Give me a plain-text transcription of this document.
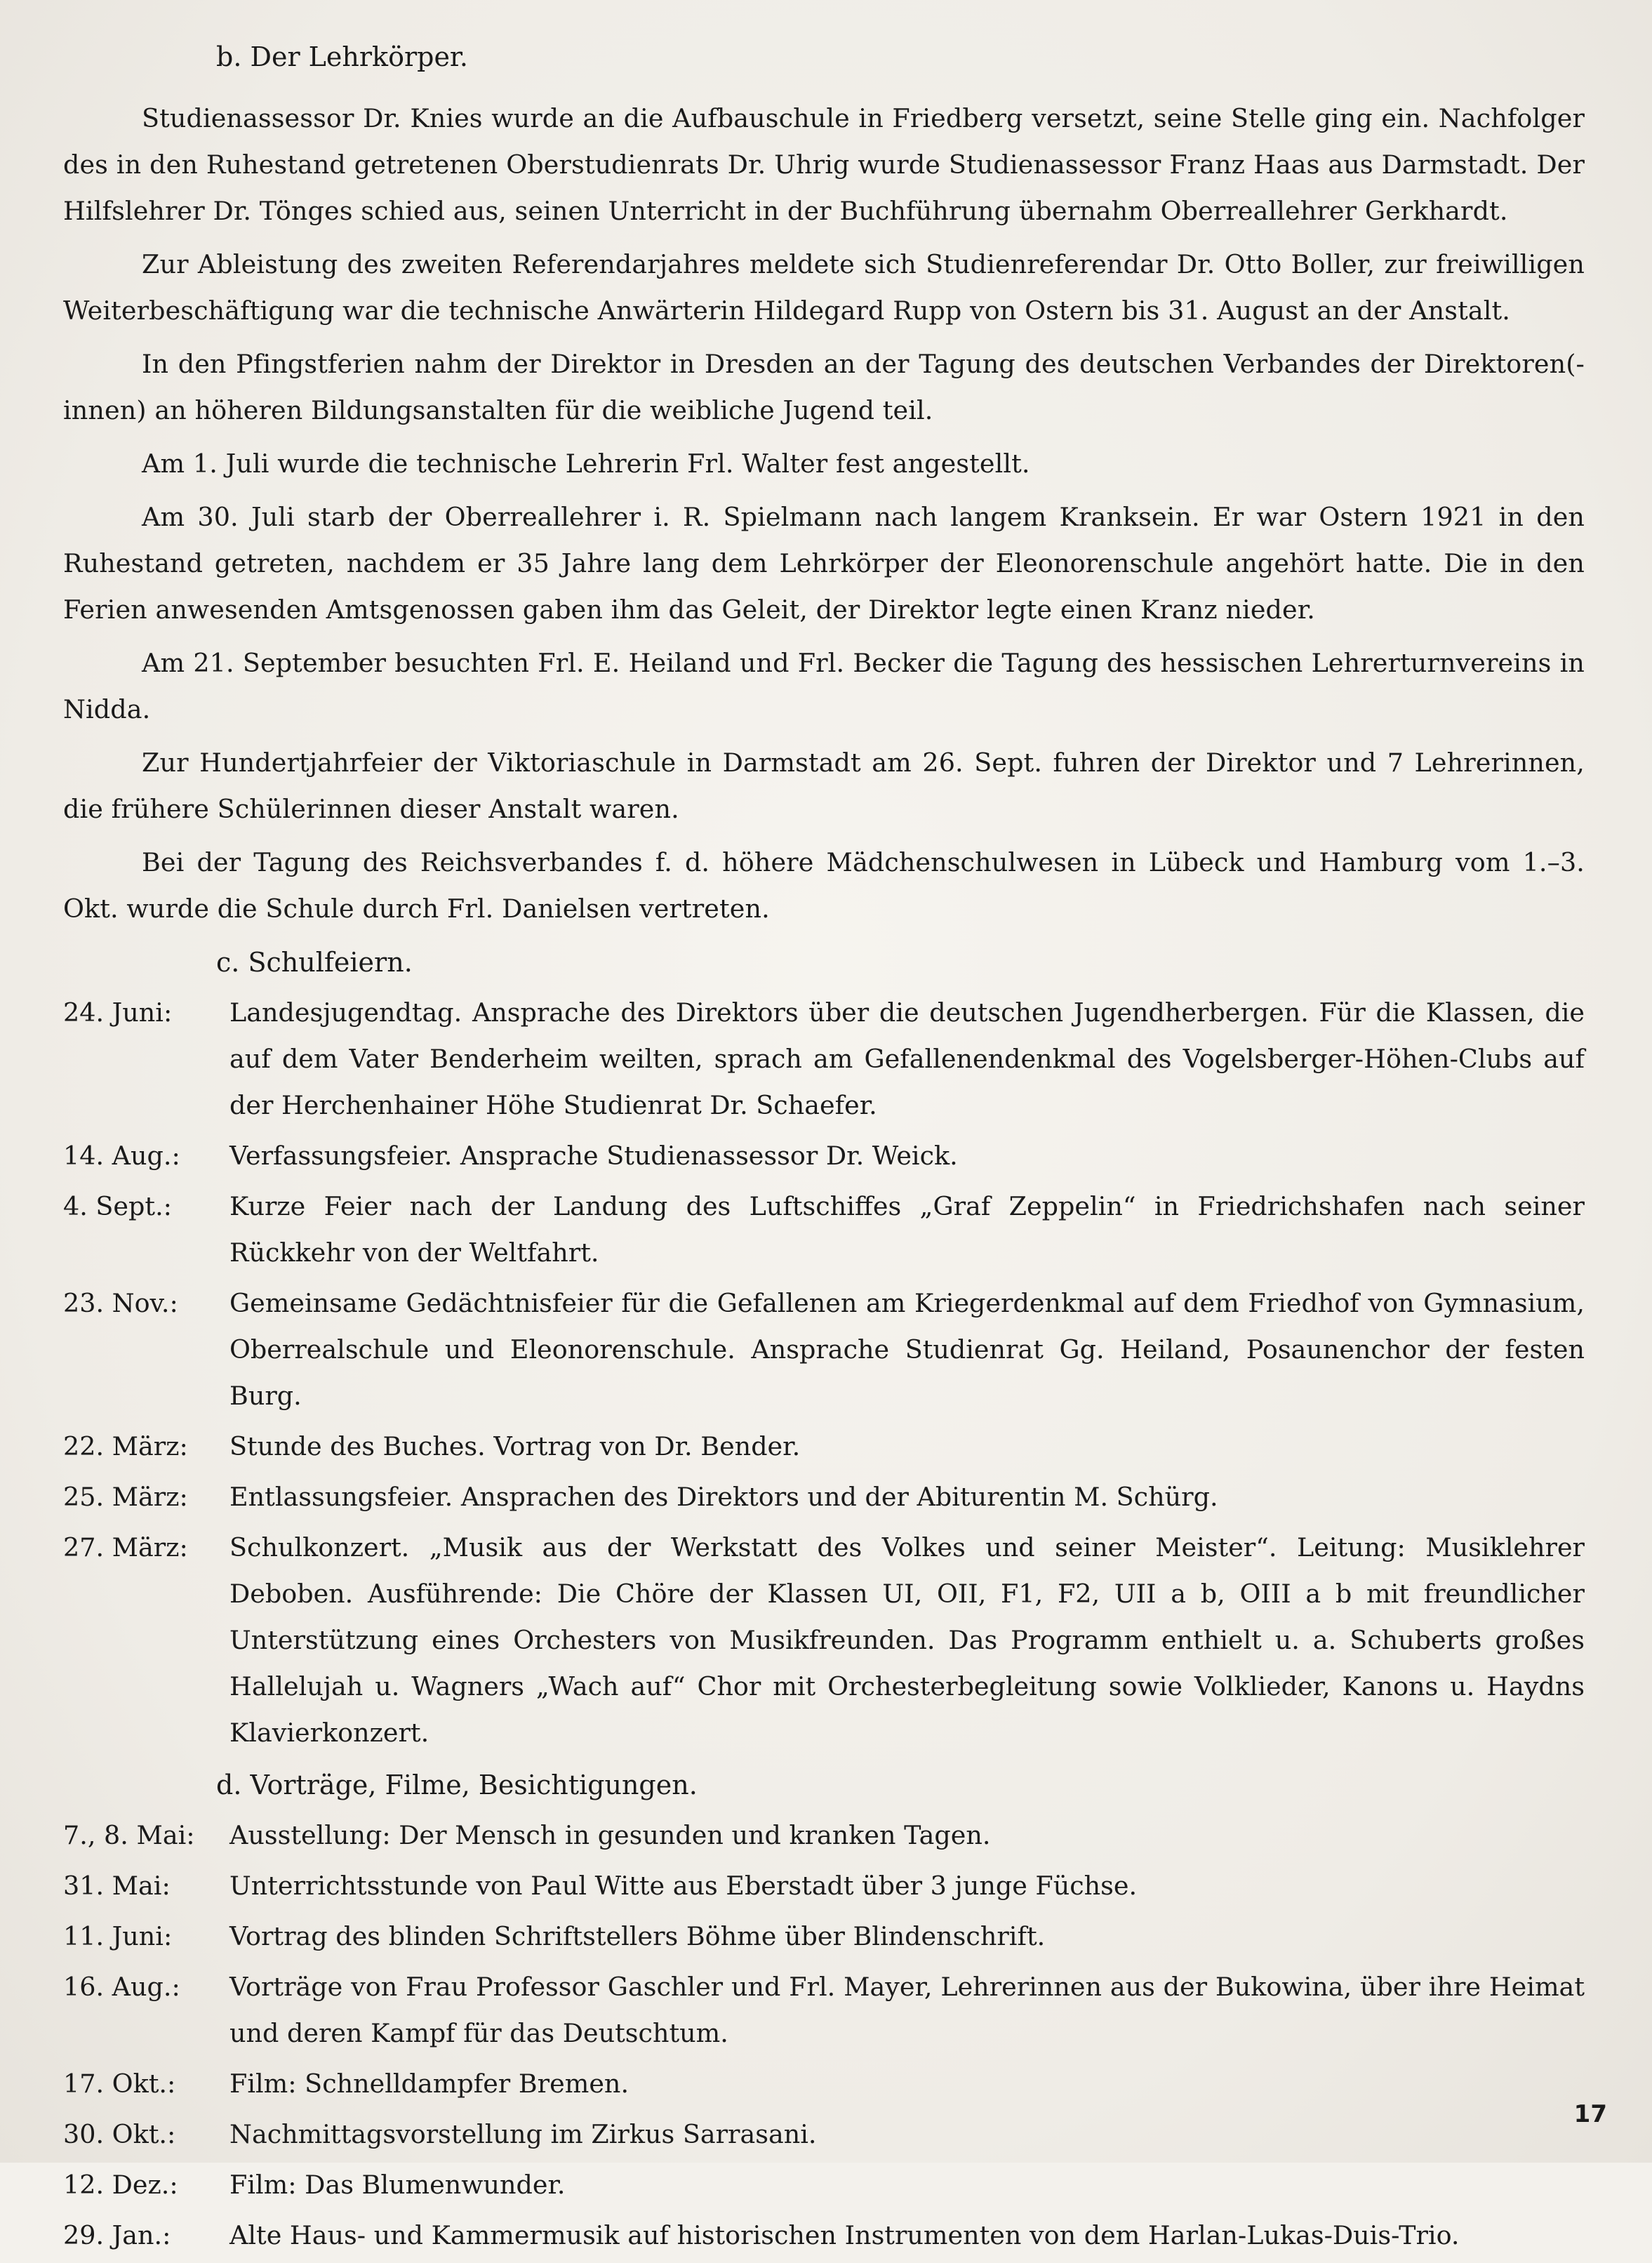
b. Der Lehrkörper.

Studienassessor Dr. Knies wurde an die Aufbauschule in Friedberg versetzt, seine Stelle ging ein. Nachfolger des in den Ruhestand getretenen Oberstudienrats Dr. Uhrig wurde Studienassessor Franz Haas aus Darmstadt. Der Hilfslehrer Dr. Tönges schied aus, seinen Unterricht in der Buchführung übernahm Oberreallehrer Gerkhardt.

Zur Ableistung des zweiten Referendarjahres meldete sich Studienreferendar Dr. Otto Boller, zur freiwilligen Weiterbeschäftigung war die technische Anwärterin Hildegard Rupp von Ostern bis 31. August an der Anstalt.

In den Pfingstferien nahm der Direktor in Dresden an der Tagung des deutschen Verbandes der Direktoren(-innen) an höheren Bildungsanstalten für die weibliche Jugend teil.

Am 1. Juli wurde die technische Lehrerin Frl. Walter fest angestellt.

Am 30. Juli starb der Oberreallehrer i. R. Spielmann nach langem Kranksein. Er war Ostern 1921 in den Ruhestand getreten, nachdem er 35 Jahre lang dem Lehrkörper der Eleonorenschule angehört hatte. Die in den Ferien anwesenden Amtsgenossen gaben ihm das Geleit, der Direktor legte einen Kranz nieder.

Am 21. September besuchten Frl. E. Heiland und Frl. Becker die Tagung des hessischen Lehrerturnvereins in Nidda.

Zur Hundertjahrfeier der Viktoriaschule in Darmstadt am 26. Sept. fuhren der Direktor und 7 Lehrerinnen, die frühere Schülerinnen dieser Anstalt waren.

Bei der Tagung des Reichsverbandes f. d. höhere Mädchenschulwesen in Lübeck und Hamburg vom 1.–3. Okt. wurde die Schule durch Frl. Danielsen vertreten.

c. Schulfeiern.
24. Juni:	Landesjugendtag. Ansprache des Direktors über die deutschen Jugendherbergen. Für die Klassen, die auf dem Vater Benderheim weilten, sprach am Gefallenendenkmal des Vogelsberger-Höhen-Clubs auf der Herchenhainer Höhe Studienrat Dr. Schaefer.
14. Aug.:	Verfassungsfeier. Ansprache Studienassessor Dr. Weick.
4. Sept.:	Kurze Feier nach der Landung des Luftschiffes „Graf Zeppelin“ in Friedrichshafen nach seiner Rückkehr von der Weltfahrt.
23. Nov.:	Gemeinsame Gedächtnisfeier für die Gefallenen am Kriegerdenkmal auf dem Friedhof von Gymnasium, Oberrealschule und Eleonorenschule. Ansprache Studienrat Gg. Heiland, Posaunenchor der festen Burg.
22. März:	Stunde des Buches. Vortrag von Dr. Bender.
25. März:	Entlassungsfeier. Ansprachen des Direktors und der Abiturentin M. Schürg.
27. März:	Schulkonzert. „Musik aus der Werkstatt des Volkes und seiner Meister“. Leitung: Musiklehrer Deboben. Ausführende: Die Chöre der Klassen UI, OII, F1, F2, UII a b, OIII a b mit freundlicher Unterstützung eines Orchesters von Musikfreunden. Das Programm enthielt u. a. Schuberts großes Hallelujah u. Wagners „Wach auf“ Chor mit Orchesterbegleitung sowie Volklieder, Kanons u. Haydns Klavierkonzert.
d. Vorträge, Filme, Besichtigungen.
7., 8. Mai:	Ausstellung: Der Mensch in gesunden und kranken Tagen.
31. Mai:	Unterrichtsstunde von Paul Witte aus Eberstadt über 3 junge Füchse.
11. Juni:	Vortrag des blinden Schriftstellers Böhme über Blindenschrift.
16. Aug.:	Vorträge von Frau Professor Gaschler und Frl. Mayer, Lehrerinnen aus der Bukowina, über ihre Heimat und deren Kampf für das Deutschtum.
17. Okt.:	Film: Schnelldampfer Bremen.
30. Okt.:	Nachmittagsvorstellung im Zirkus Sarrasani.
12. Dez.:	Film: Das Blumenwunder.
29. Jan.:	Alte Haus- und Kammermusik auf historischen Instrumenten von dem Harlan-Lukas-Duis-Trio.
17
